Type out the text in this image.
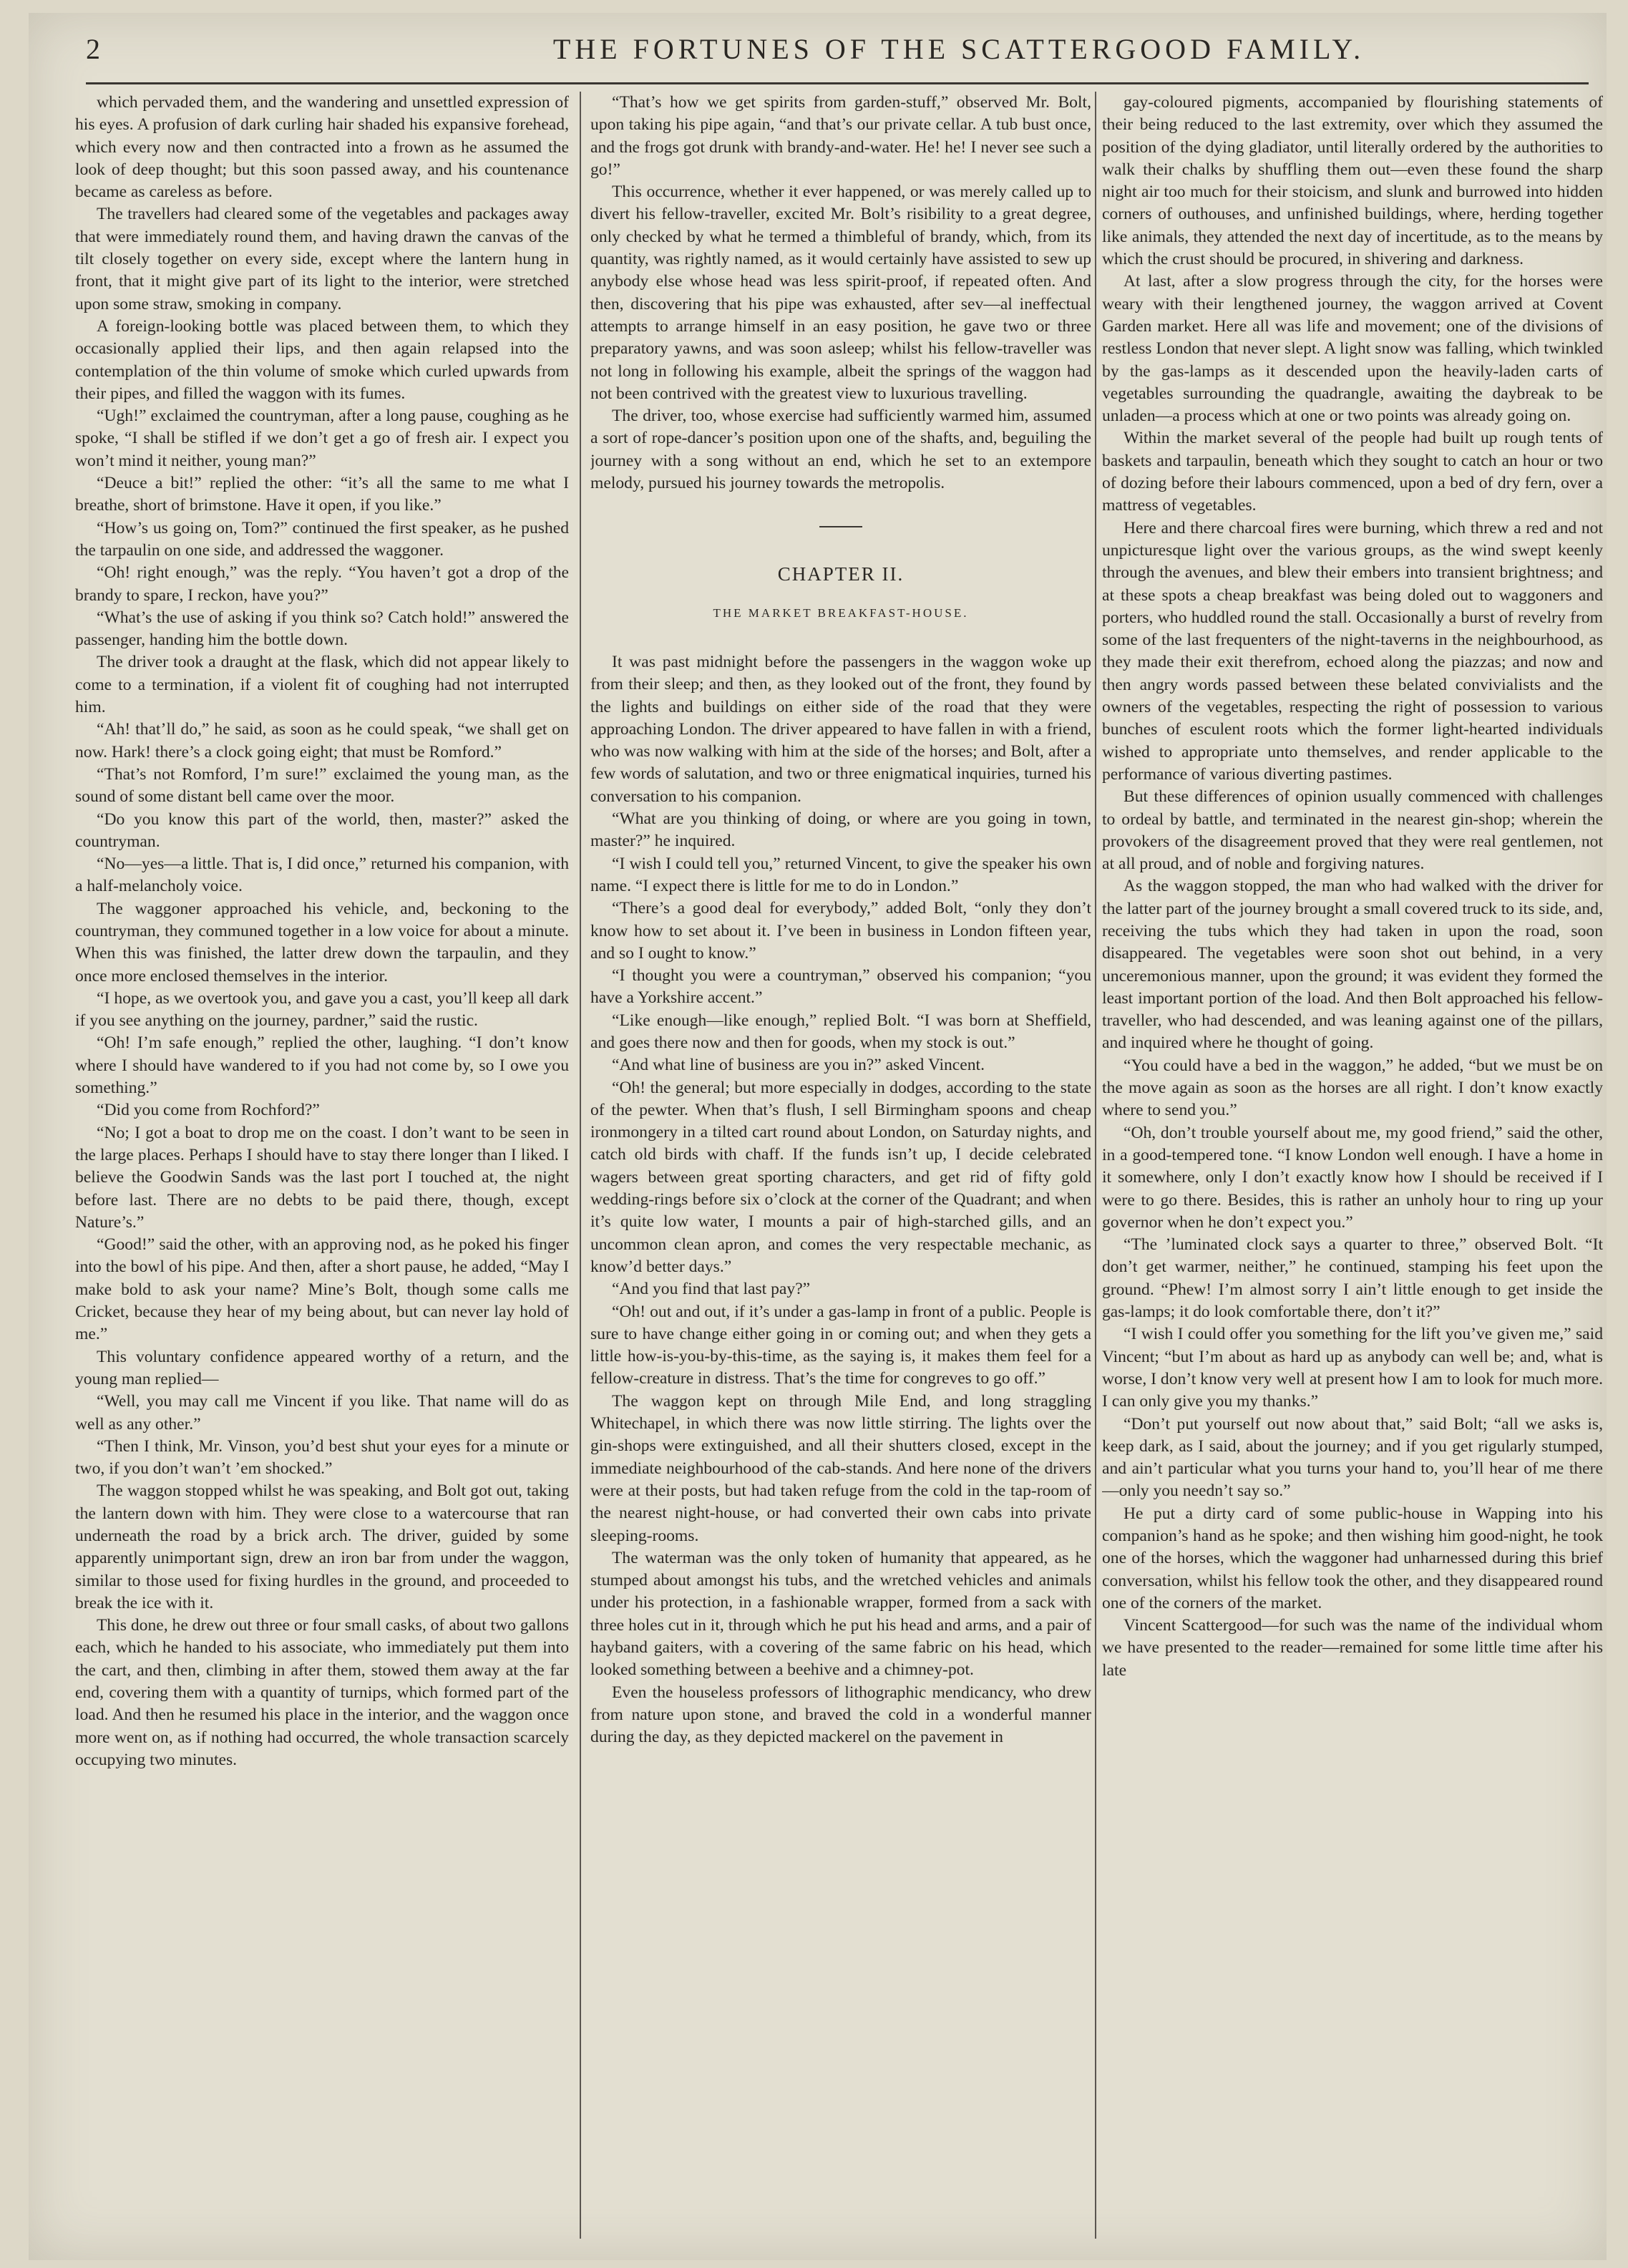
2	THE FORTUNES OF THE SCATTERGOOD FAMILY.

which pervaded them, and the wandering and unsettled expression of his eyes. A profusion of dark curling hair shaded his expansive forehead, which every now and then contracted into a frown as he assumed the look of deep thought; but this soon passed away, and his countenance became as careless as before.

The travellers had cleared some of the vegetables and packages away that were immediately round them, and having drawn the canvas of the tilt closely together on every side, except where the lantern hung in front, that it might give part of its light to the interior, were stretched upon some straw, smoking in company.

A foreign-looking bottle was placed between them, to which they occasionally applied their lips, and then again relapsed into the contemplation of the thin volume of smoke which curled upwards from their pipes, and filled the waggon with its fumes.

“Ugh!” exclaimed the countryman, after a long pause, coughing as he spoke, “I shall be stifled if we don’t get a go of fresh air. I expect you won’t mind it neither, young man?”

“Deuce a bit!” replied the other: “it’s all the same to me what I breathe, short of brimstone. Have it open, if you like.”

“How’s us going on, Tom?” continued the first speaker, as he pushed the tarpaulin on one side, and addressed the waggoner.

“Oh! right enough,” was the reply. “You haven’t got a drop of the brandy to spare, I reckon, have you?”

“What’s the use of asking if you think so? Catch hold!” answered the passenger, handing him the bottle down.

The driver took a draught at the flask, which did not appear likely to come to a termination, if a violent fit of coughing had not interrupted him.

“Ah! that’ll do,” he said, as soon as he could speak, “we shall get on now. Hark! there’s a clock going eight; that must be Romford.”

“That’s not Romford, I’m sure!” exclaimed the young man, as the sound of some distant bell came over the moor.

“Do you know this part of the world, then, master?” asked the countryman.

“No—yes—a little. That is, I did once,” returned his companion, with a half-melancholy voice.

The waggoner approached his vehicle, and, beckoning to the countryman, they communed together in a low voice for about a minute. When this was finished, the latter drew down the tarpaulin, and they once more enclosed themselves in the interior.

“I hope, as we overtook you, and gave you a cast, you’ll keep all dark if you see anything on the journey, pardner,” said the rustic.

“Oh! I’m safe enough,” replied the other, laughing. “I don’t know where I should have wandered to if you had not come by, so I owe you something.”

“Did you come from Rochford?”

“No; I got a boat to drop me on the coast. I don’t want to be seen in the large places. Perhaps I should have to stay there longer than I liked. I believe the Goodwin Sands was the last port I touched at, the night before last. There are no debts to be paid there, though, except Nature’s.”

“Good!” said the other, with an approving nod, as he poked his finger into the bowl of his pipe. And then, after a short pause, he added, “May I make bold to ask your name? Mine’s Bolt, though some calls me Cricket, because they hear of my being about, but can never lay hold of me.”

This voluntary confidence appeared worthy of a return, and the young man replied—

“Well, you may call me Vincent if you like. That name will do as well as any other.”

“Then I think, Mr. Vinson, you’d best shut your eyes for a minute or two, if you don’t wan’t ’em shocked.”

The waggon stopped whilst he was speaking, and Bolt got out, taking the lantern down with him. They were close to a watercourse that ran underneath the road by a brick arch. The driver, guided by some apparently unimportant sign, drew an iron bar from under the waggon, similar to those used for fixing hurdles in the ground, and proceeded to break the ice with it.

This done, he drew out three or four small casks, of about two gallons each, which he handed to his associate, who immediately put them into the cart, and then, climbing in after them, stowed them away at the far end, covering them with a quantity of turnips, which formed part of the load. And then he resumed his place in the interior, and the waggon once more went on, as if nothing had occurred, the whole transaction scarcely occupying two minutes.

“That’s how we get spirits from garden-stuff,” observed Mr. Bolt, upon taking his pipe again, “and that’s our private cellar. A tub bust once, and the frogs got drunk with brandy-and-water. He! he! I never see such a go!”

This occurrence, whether it ever happened, or was merely called up to divert his fellow-traveller, excited Mr. Bolt’s risibility to a great degree, only checked by what he termed a thimbleful of brandy, which, from its quantity, was rightly named, as it would certainly have assisted to sew up anybody else whose head was less spirit-proof, if repeated often. And then, discovering that his pipe was exhausted, after sev—al ineffectual attempts to arrange himself in an easy position, he gave two or three preparatory yawns, and was soon asleep; whilst his fellow-traveller was not long in following his example, albeit the springs of the waggon had not been contrived with the greatest view to luxurious travelling.

The driver, too, whose exercise had sufficiently warmed him, assumed a sort of rope-dancer’s position upon one of the shafts, and, beguiling the journey with a song without an end, which he set to an extempore melody, pursued his journey towards the metropolis.

CHAPTER II.
THE MARKET BREAKFAST-HOUSE.

It was past midnight before the passengers in the waggon woke up from their sleep; and then, as they looked out of the front, they found by the lights and buildings on either side of the road that they were approaching London. The driver appeared to have fallen in with a friend, who was now walking with him at the side of the horses; and Bolt, after a few words of salutation, and two or three enigmatical inquiries, turned his conversation to his companion.

“What are you thinking of doing, or where are you going in town, master?” he inquired.

“I wish I could tell you,” returned Vincent, to give the speaker his own name. “I expect there is little for me to do in London.”

“There’s a good deal for everybody,” added Bolt, “only they don’t know how to set about it. I’ve been in business in London fifteen year, and so I ought to know.”

“I thought you were a countryman,” observed his companion; “you have a Yorkshire accent.”

“Like enough—like enough,” replied Bolt. “I was born at Sheffield, and goes there now and then for goods, when my stock is out.”

“And what line of business are you in?” asked Vincent.

“Oh! the general; but more especially in dodges, according to the state of the pewter. When that’s flush, I sell Birmingham spoons and cheap ironmongery in a tilted cart round about London, on Saturday nights, and catch old birds with chaff. If the funds isn’t up, I decide celebrated wagers between great sporting characters, and get rid of fifty gold wedding-rings before six o’clock at the corner of the Quadrant; and when it’s quite low water, I mounts a pair of high-starched gills, and an uncommon clean apron, and comes the very respectable mechanic, as know’d better days.”

“And you find that last pay?”

“Oh! out and out, if it’s under a gas-lamp in front of a public. People is sure to have change either going in or coming out; and when they gets a little how-is-you-by-this-time, as the saying is, it makes them feel for a fellow-creature in distress. That’s the time for congreves to go off.”

The waggon kept on through Mile End, and long straggling Whitechapel, in which there was now little stirring. The lights over the gin-shops were extinguished, and all their shutters closed, except in the immediate neighbourhood of the cab-stands. And here none of the drivers were at their posts, but had taken refuge from the cold in the tap-room of the nearest night-house, or had converted their own cabs into private sleeping-rooms.

The waterman was the only token of humanity that appeared, as he stumped about amongst his tubs, and the wretched vehicles and animals under his protection, in a fashionable wrapper, formed from a sack with three holes cut in it, through which he put his head and arms, and a pair of hayband gaiters, with a covering of the same fabric on his head, which looked something between a beehive and a chimney-pot.

Even the houseless professors of lithographic mendicancy, who drew from nature upon stone, and braved the cold in a wonderful manner during the day, as they depicted mackerel on the pavement in

gay-coloured pigments, accompanied by flourishing statements of their being reduced to the last extremity, over which they assumed the position of the dying gladiator, until literally ordered by the authorities to walk their chalks by shuffling them out—even these found the sharp night air too much for their stoicism, and slunk and burrowed into hidden corners of outhouses, and unfinished buildings, where, herding together like animals, they attended the next day of incertitude, as to the means by which the crust should be procured, in shivering and darkness.

At last, after a slow progress through the city, for the horses were weary with their lengthened journey, the waggon arrived at Covent Garden market. Here all was life and movement; one of the divisions of restless London that never slept. A light snow was falling, which twinkled by the gas-lamps as it descended upon the heavily-laden carts of vegetables surrounding the quadrangle, awaiting the daybreak to be unladen—a process which at one or two points was already going on.

Within the market several of the people had built up rough tents of baskets and tarpaulin, beneath which they sought to catch an hour or two of dozing before their labours commenced, upon a bed of dry fern, over a mattress of vegetables.

Here and there charcoal fires were burning, which threw a red and not unpicturesque light over the various groups, as the wind swept keenly through the avenues, and blew their embers into transient brightness; and at these spots a cheap breakfast was being doled out to waggoners and porters, who huddled round the stall. Occasionally a burst of revelry from some of the last frequenters of the night-taverns in the neighbourhood, as they made their exit therefrom, echoed along the piazzas; and now and then angry words passed between these belated convivialists and the owners of the vegetables, respecting the right of possession to various bunches of esculent roots which the former light-hearted individuals wished to appropriate unto themselves, and render applicable to the performance of various diverting pastimes.

But these differences of opinion usually commenced with challenges to ordeal by battle, and terminated in the nearest gin-shop; wherein the provokers of the disagreement proved that they were real gentlemen, not at all proud, and of noble and forgiving natures.

As the waggon stopped, the man who had walked with the driver for the latter part of the journey brought a small covered truck to its side, and, receiving the tubs which they had taken in upon the road, soon disappeared. The vegetables were soon shot out behind, in a very unceremonious manner, upon the ground; it was evident they formed the least important portion of the load. And then Bolt approached his fellow-traveller, who had descended, and was leaning against one of the pillars, and inquired where he thought of going.

“You could have a bed in the waggon,” he added, “but we must be on the move again as soon as the horses are all right. I don’t know exactly where to send you.”

“Oh, don’t trouble yourself about me, my good friend,” said the other, in a good-tempered tone. “I know London well enough. I have a home in it somewhere, only I don’t exactly know how I should be received if I were to go there. Besides, this is rather an unholy hour to ring up your governor when he don’t expect you.”

“The ’luminated clock says a quarter to three,” observed Bolt. “It don’t get warmer, neither,” he continued, stamping his feet upon the ground. “Phew! I’m almost sorry I ain’t little enough to get inside the gas-lamps; it do look comfortable there, don’t it?”

“I wish I could offer you something for the lift you’ve given me,” said Vincent; “but I’m about as hard up as anybody can well be; and, what is worse, I don’t know very well at present how I am to look for much more. I can only give you my thanks.”

“Don’t put yourself out now about that,” said Bolt; “all we asks is, keep dark, as I said, about the journey; and if you get rigularly stumped, and ain’t particular what you turns your hand to, you’ll hear of me there—only you needn’t say so.”

He put a dirty card of some public-house in Wapping into his companion’s hand as he spoke; and then wishing him good-night, he took one of the horses, which the waggoner had unharnessed during this brief conversation, whilst his fellow took the other, and they disappeared round one of the corners of the market.

Vincent Scattergood—for such was the name of the individual whom we have presented to the reader—remained for some little time after his late
